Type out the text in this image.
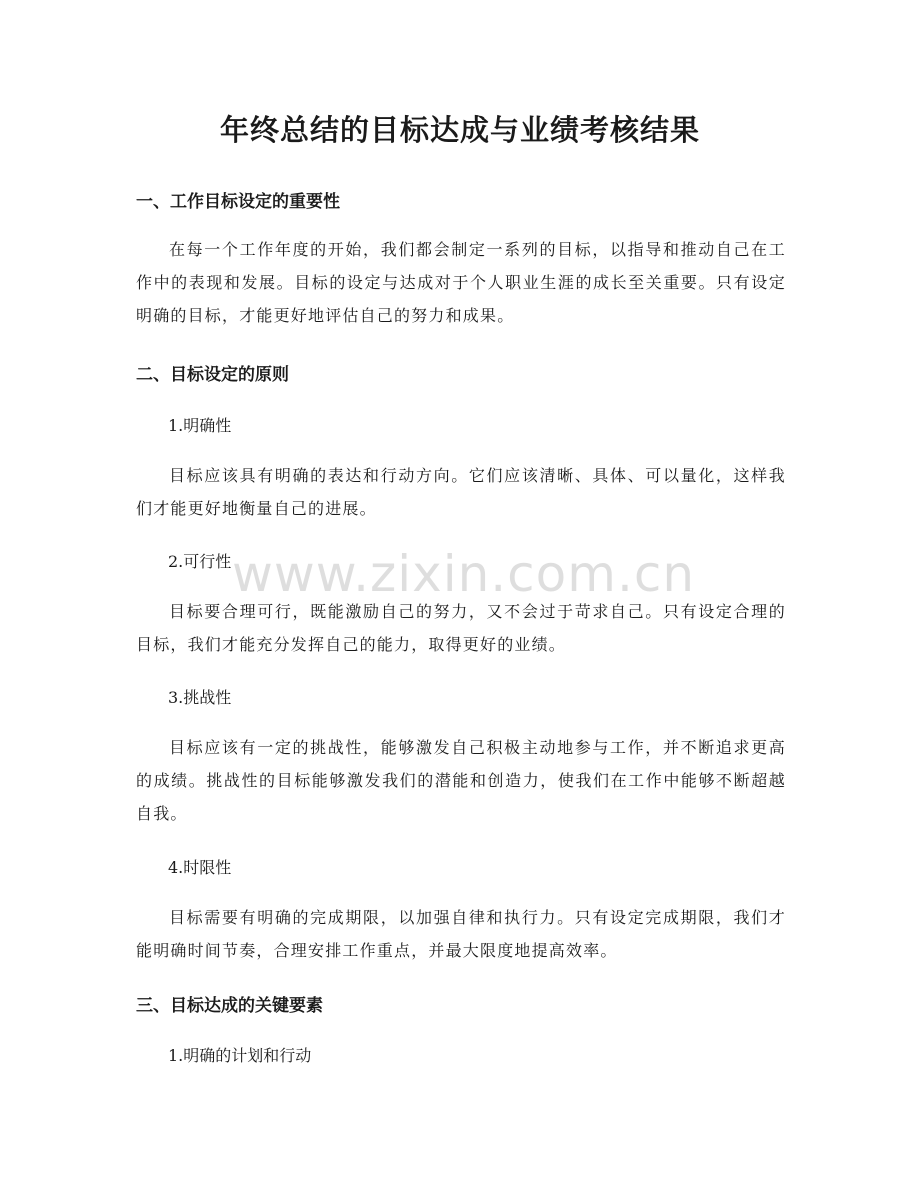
年终总结的目标达成与业绩考核结果
一、工作目标设定的重要性

在每一个工作年度的开始，我们都会制定一系列的目标，以指导和推动自己在工作中的表现和发展。目标的设定与达成对于个人职业生涯的成长至关重要。只有设定明确的目标，才能更好地评估自己的努力和成果。

二、目标设定的原则
1.明确性

目标应该具有明确的表达和行动方向。它们应该清晰、具体、可以量化，这样我们才能更好地衡量自己的进展。

2.可行性

目标要合理可行，既能激励自己的努力，又不会过于苛求自己。只有设定合理的目标，我们才能充分发挥自己的能力，取得更好的业绩。

3.挑战性

目标应该有一定的挑战性，能够激发自己积极主动地参与工作，并不断追求更高的成绩。挑战性的目标能够激发我们的潜能和创造力，使我们在工作中能够不断超越自我。

4.时限性

目标需要有明确的完成期限，以加强自律和执行力。只有设定完成期限，我们才能明确时间节奏，合理安排工作重点，并最大限度地提高效率。

三、目标达成的关键要素
1.明确的计划和行动
www.zixin.com.cn
